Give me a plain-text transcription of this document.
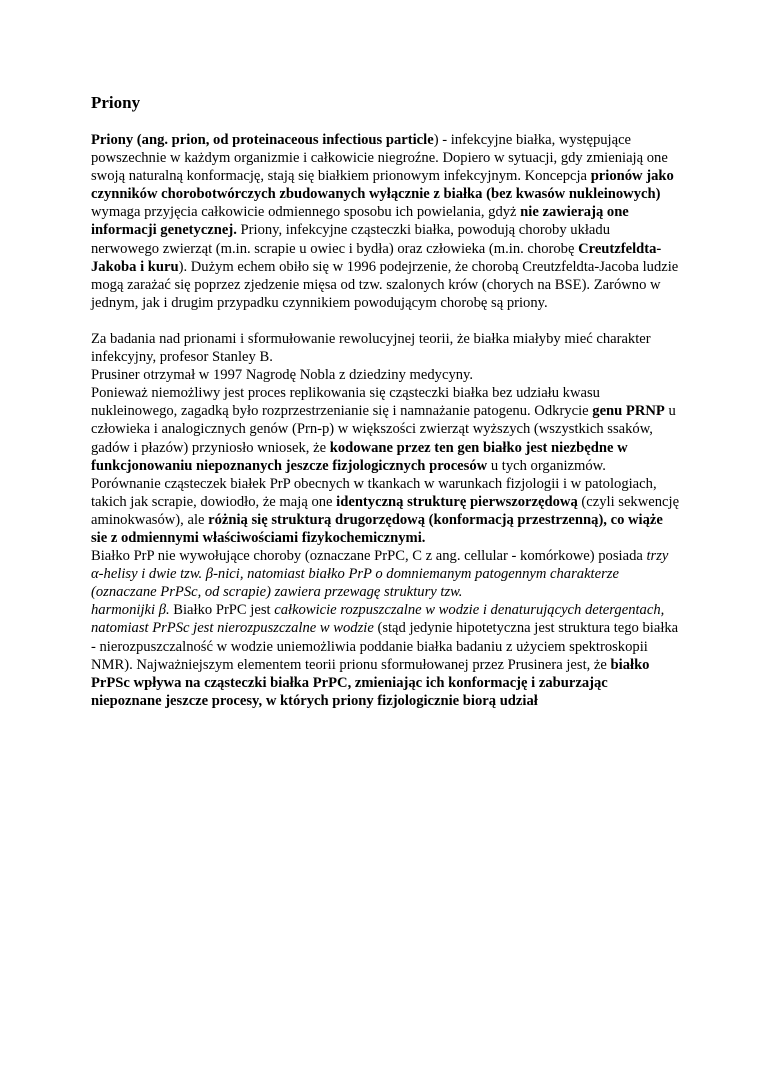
Priony

Priony (ang. prion, od proteinaceous infectious particle) - infekcyjne białka, występujące powszechnie w każdym organizmie i całkowicie niegroźne. Dopiero w sytuacji, gdy zmieniają one swoją naturalną konformację, stają się białkiem prionowym infekcyjnym. Koncepcja prionów jako czynników chorobotwórczych zbudowanych wyłącznie z białka (bez kwasów nukleinowych) wymaga przyjęcia całkowicie odmiennego sposobu ich powielania, gdyż nie zawierają one informacji genetycznej. Priony, infekcyjne cząsteczki białka, powodują choroby układu nerwowego zwierząt (m.in. scrapie u owiec i bydła) oraz człowieka (m.in. chorobę Creutzfeldta-Jakoba i kuru). Dużym echem obiło się w 1996 podejrzenie, że chorobą Creutzfeldta-Jacoba ludzie mogą zarażać się poprzez zjedzenie mięsa od tzw. szalonych krów (chorych na BSE). Zarówno w jednym, jak i drugim przypadku czynnikiem powodującym chorobę są priony.

Za badania nad prionami i sformułowanie rewolucyjnej teorii, że białka miałyby mieć charakter infekcyjny, profesor Stanley B.

Prusiner otrzymał w 1997 Nagrodę Nobla z dziedziny medycyny.

Ponieważ niemożliwy jest proces replikowania się cząsteczki białka bez udziału kwasu nukleinowego, zagadką było rozprzestrzenianie się i namnażanie patogenu. Odkrycie genu PRNP u człowieka i analogicznych genów (Prn-p) w większości zwierząt wyższych (wszystkich ssaków, gadów i płazów) przyniosło wniosek, że kodowane przez ten gen białko jest niezbędne w funkcjonowaniu niepoznanych jeszcze fizjologicznych procesów u tych organizmów.

Porównanie cząsteczek białek PrP obecnych w tkankach w warunkach fizjologii i w patologiach, takich jak scrapie, dowiodło, że mają one identyczną strukturę pierwszorzędową (czyli sekwencję aminokwasów), ale różnią się strukturą drugorzędową (konformacją przestrzenną), co wiąże sie z odmiennymi właściwościami fizykochemicznymi.

Białko PrP nie wywołujące choroby (oznaczane PrPC, C z ang. cellular - komórkowe) posiada trzy α-helisy i dwie tzw. β-nici, natomiast białko PrP o domniemanym patogennym charakterze (oznaczane PrPSc, od scrapie) zawiera przewagę struktury tzw.

harmonijki β. Białko PrPC jest całkowicie rozpuszczalne w wodzie i denaturujących detergentach, natomiast PrPSc jest nierozpuszczalne w wodzie (stąd jedynie hipotetyczna jest struktura tego białka - nierozpuszczalność w wodzie uniemożliwia poddanie białka badaniu z użyciem spektroskopii NMR). Najważniejszym elementem teorii prionu sformułowanej przez Prusinera jest, że białko PrPSc wpływa na cząsteczki białka PrPC, zmieniając ich konformację i zaburzając niepoznane jeszcze procesy, w których priony fizjologicznie biorą udział
